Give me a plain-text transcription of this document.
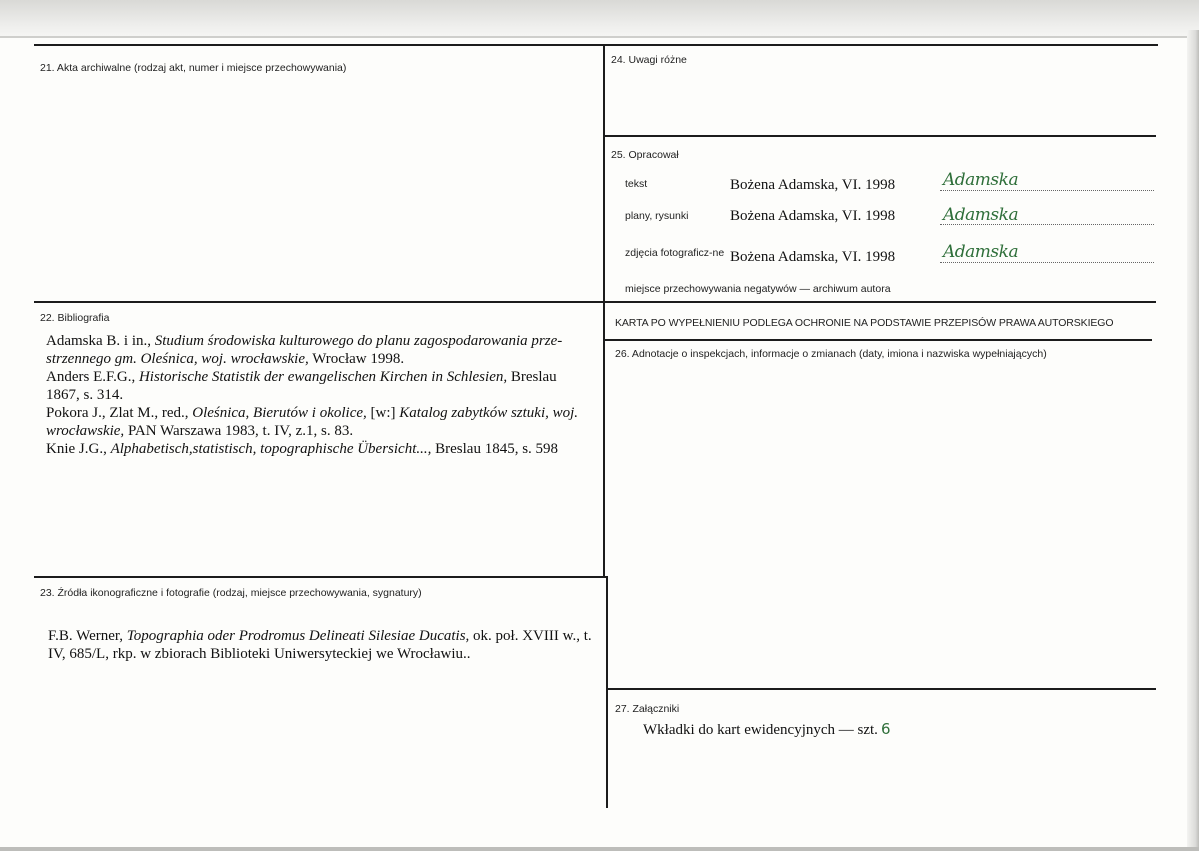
21. Akta archiwalne (rodzaj akt, numer i miejsce przechowywania)
22. Bibliografia

Adamska B. i in., Studium środowiska kulturowego do planu zagospodarowania prze-strzennego gm. Oleśnica, woj. wrocławskie, Wrocław 1998.

Anders E.F.G., Historische Statistik der ewangelischen Kirchen in Schlesien, Breslau 1867, s. 314.

Pokora J., Zlat M., red., Oleśnica, Bierutów i okolice, [w:] Katalog zabytków sztuki, woj. wrocławskie, PAN Warszawa 1983, t. IV, z.1, s. 83.

Knie J.G., Alphabetisch,statistisch, topographische Übersicht..., Breslau 1845, s. 598

23. Źródła ikonograficzne i fotografie (rodzaj, miejsce przechowywania, sygnatury)
F.B. Werner, Topographia oder Prodromus Delineati Silesiae Ducatis, ok. poł. XVIII w., t. IV, 685/L, rkp. w zbiorach Biblioteki Uniwersyteckiej we Wrocławiu..
24. Uwagi różne
25. Opracował
tekst	Bożena Adamska, VI. 1998	Adamska
plany, rysunki	Bożena Adamska, VI. 1998	Adamska
zdjęcia fotograficz-ne Bożena Adamska, VI. 1998	Adamska
miejsce przechowywania negatywów — archiwum autora
KARTA PO WYPEŁNIENIU PODLEGA OCHRONIE NA PODSTAWIE PRZEPISÓW PRAWA AUTORSKIEGO
26. Adnotacje o inspekcjach, informacje o zmianach (daty, imiona i nazwiska wypełniających)
27. Załączniki
Wkładki do kart ewidencyjnych — szt. 6
